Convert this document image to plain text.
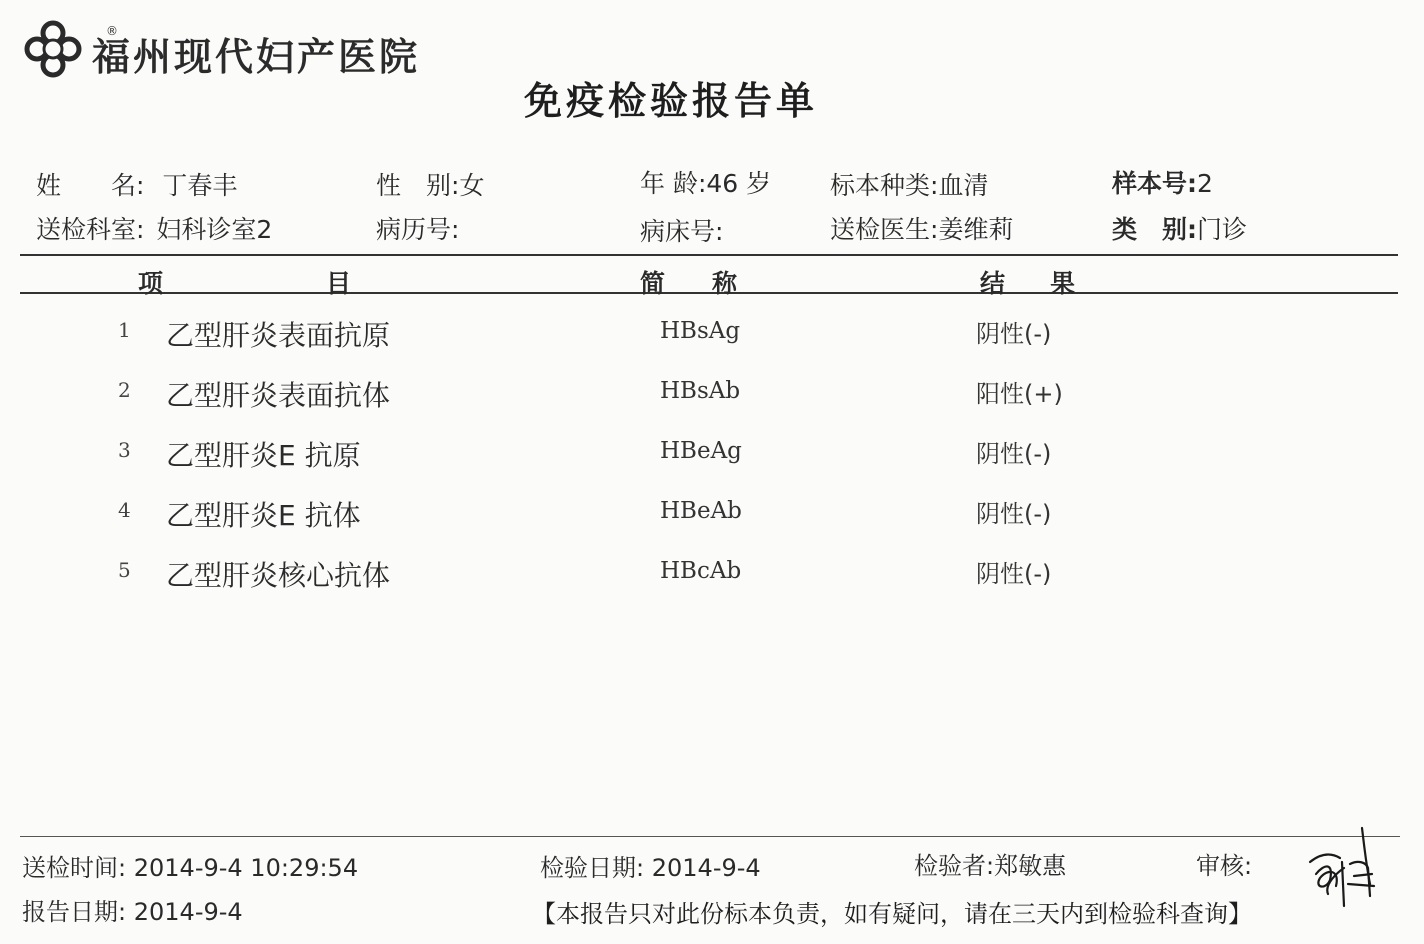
®
福州现代妇产医院
免疫检验报告单
姓　　名: 丁春丰	性　别:女	年 龄:46 岁 标本种类:血清	样本号:2
送检科室: 妇科诊室2	病历号:	病床号:	送检医生:姜维莉	类　别:门诊
项	目	简 称	结 果
1 乙型肝炎表面抗原	HBsAg	阴性(-)
2 乙型肝炎表面抗体	HBsAb	阳性(+)
3 乙型肝炎E 抗原	HBeAg	阴性(-)
4 乙型肝炎E 抗体	HBeAb	阴性(-)
5 乙型肝炎核心抗体	HBcAb	阴性(-)
送检时间: 2014-9-4 10:29:54	检验日期: 2014-9-4	检验者:郑敏惠	审核:
报告日期: 2014-9-4	【本报告只对此份标本负责，如有疑问，请在三天内到检验科查询】
